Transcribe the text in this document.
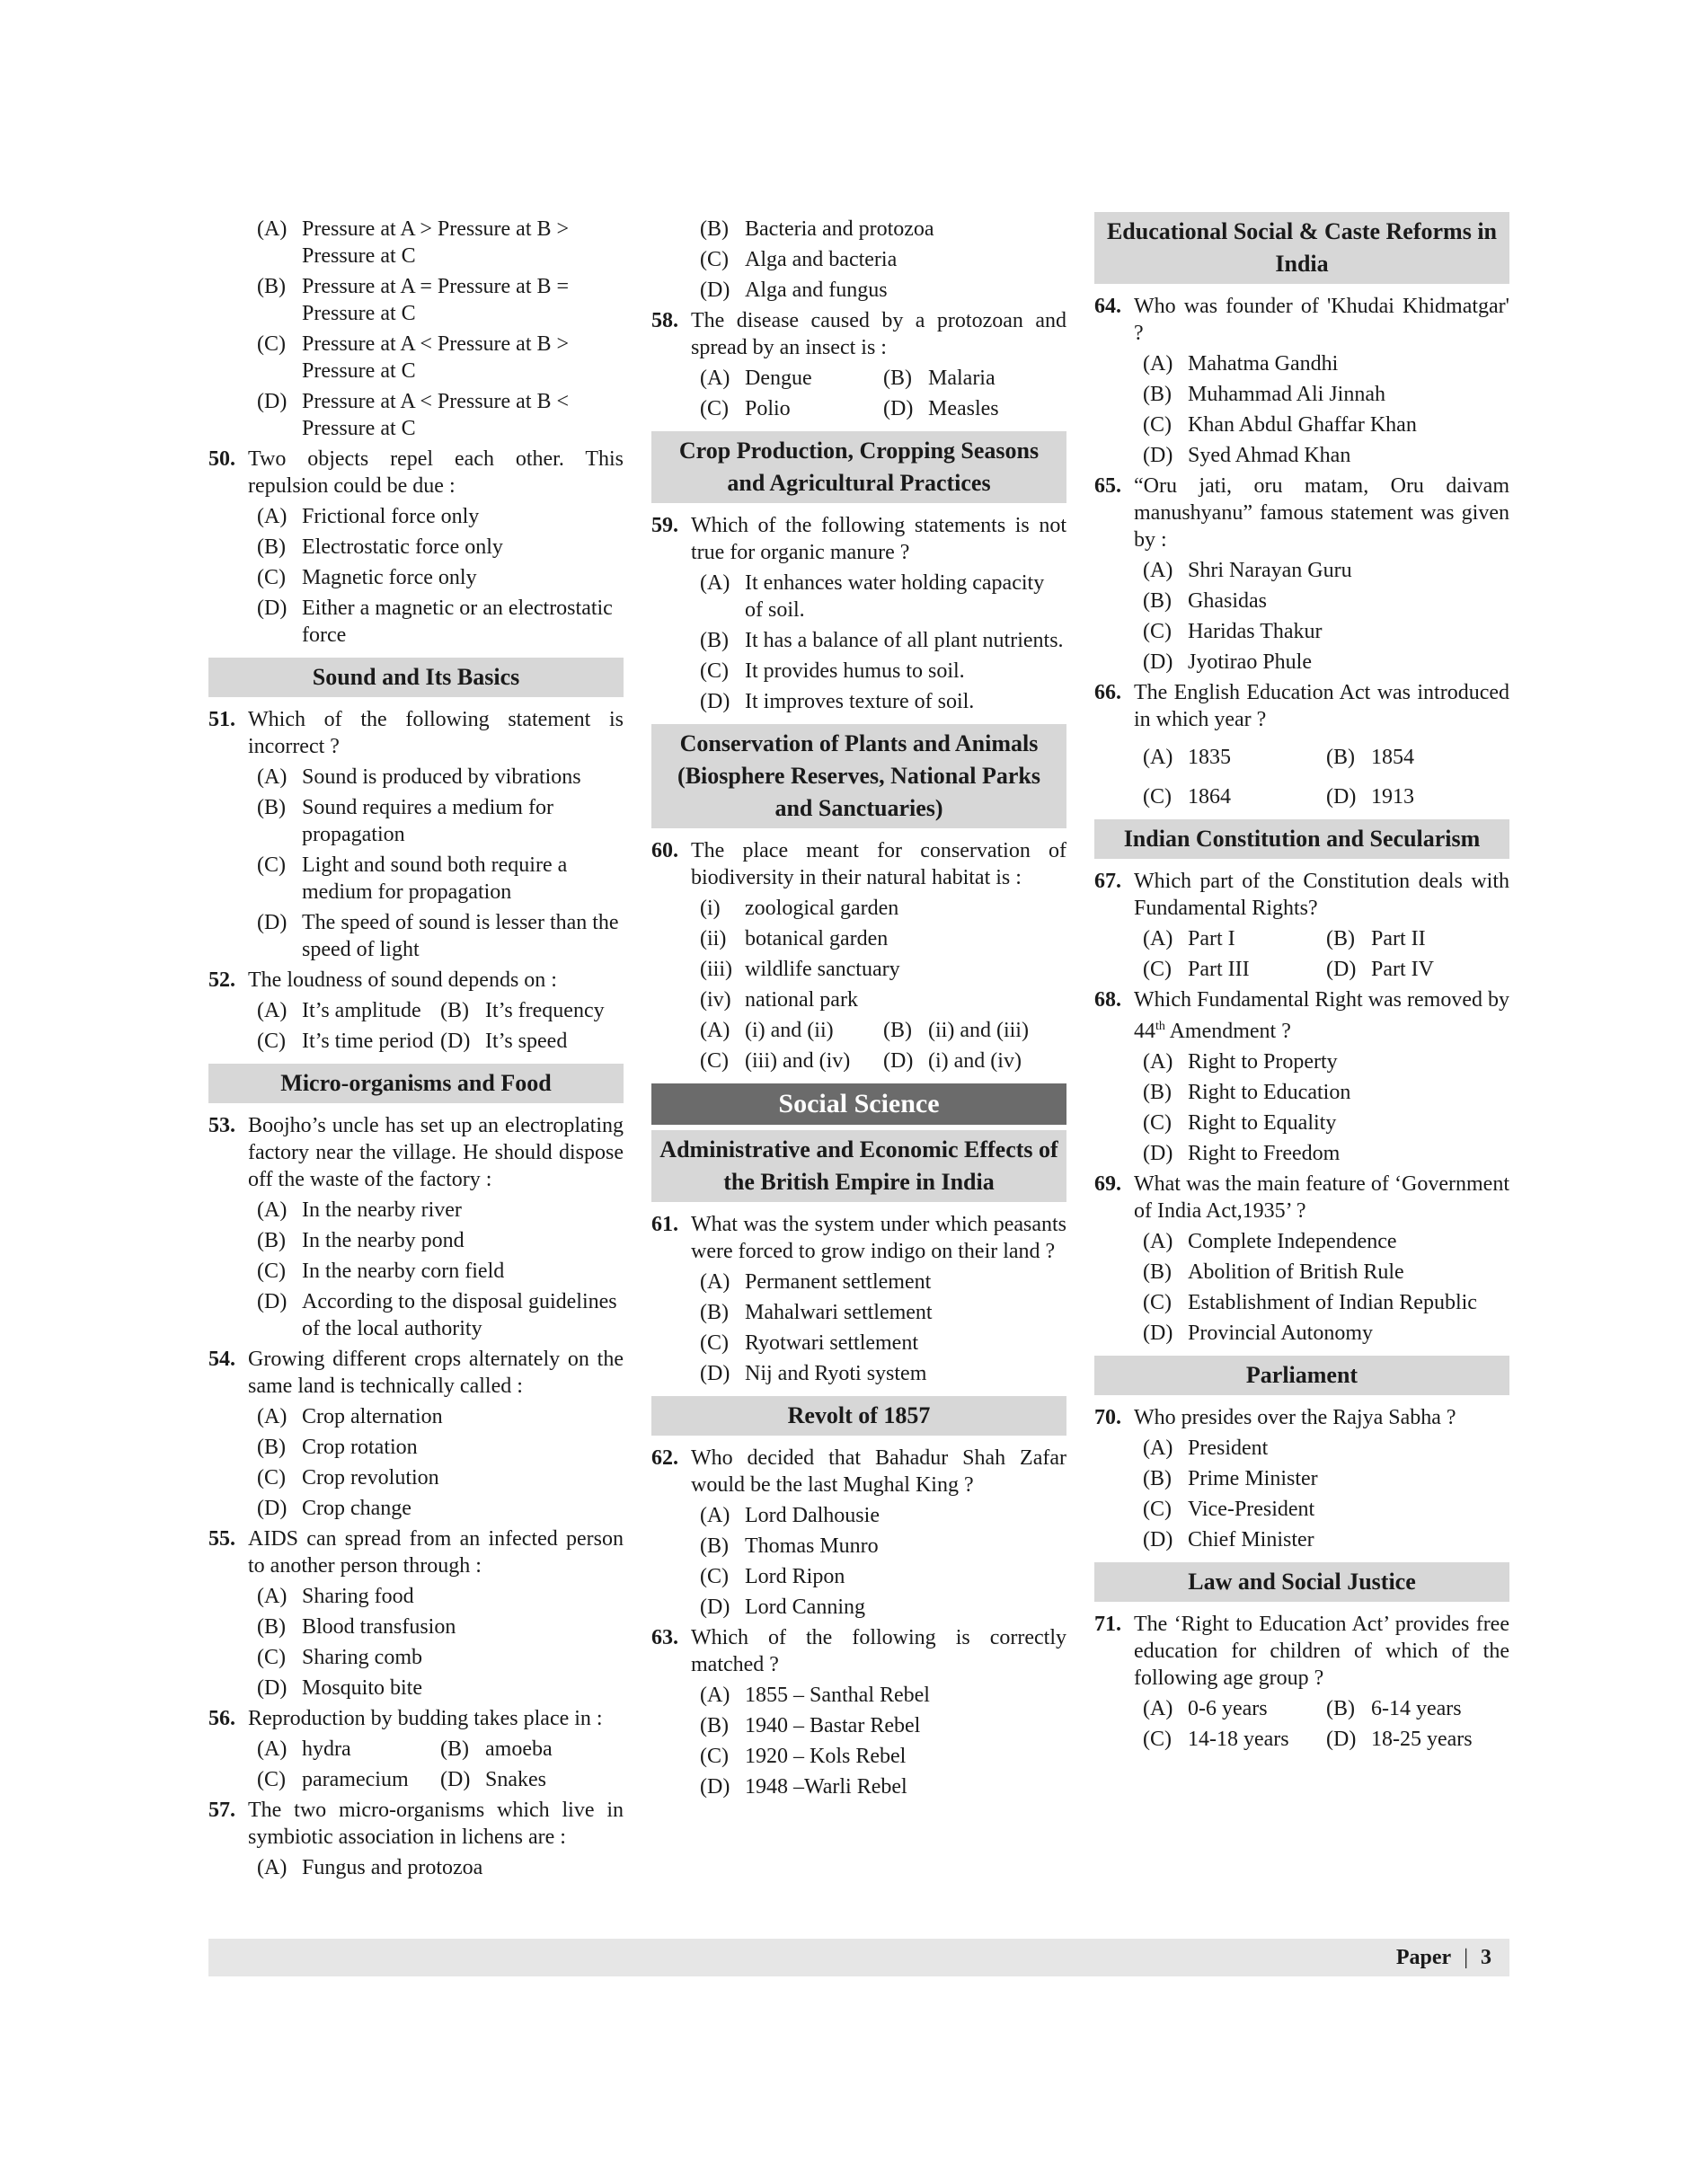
(A) Pressure at A > Pressure at B > Pressure at C
(B) Pressure at A = Pressure at B = Pressure at C
(C) Pressure at A < Pressure at B > Pressure at C
(D) Pressure at A < Pressure at B < Pressure at C
50. Two objects repel each other. This repulsion could be due :
(A) Frictional force only
(B) Electrostatic force only
(C) Magnetic force only
(D) Either a magnetic or an electrostatic force
Sound and Its Basics
51. Which of the following statement is incorrect ?
(A) Sound is produced by vibrations
(B) Sound requires a medium for propagation
(C) Light and sound both require a medium for propagation
(D) The speed of sound is lesser than the speed of light
52. The loudness of sound depends on :
(A) It’s amplitude (B) It’s frequency
(C) It’s time period (D) It’s speed
Micro-organisms and Food
53. Boojho’s uncle has set up an electroplating factory near the village. He should dispose off the waste of the factory :
(A) In the nearby river
(B) In the nearby pond
(C) In the nearby corn field
(D) According to the disposal guidelines of the local authority
54. Growing different crops alternately on the same land is technically called :
(A) Crop alternation
(B) Crop rotation
(C) Crop revolution
(D) Crop change
55. AIDS can spread from an infected person to another person through :
(A) Sharing food
(B) Blood transfusion
(C) Sharing comb
(D) Mosquito bite
56. Reproduction by budding takes place in :
(A) hydra	(B) amoeba
(C) paramecium (D) Snakes
57. The two micro-organisms which live in symbiotic association in lichens are :
(A) Fungus and protozoa
(B) Bacteria and protozoa
(C) Alga and bacteria
(D) Alga and fungus
58. The disease caused by a protozoan and spread by an insect is :
(A) Dengue	(B) Malaria
(C) Polio	(D) Measles
Crop Production, Cropping Seasons and Agricultural Practices
59. Which of the following statements is not true for organic manure ?
(A) It enhances water holding capacity of soil.
(B) It has a balance of all plant nutrients.
(C) It provides humus to soil.
(D) It improves texture of soil.
Conservation of Plants and Animals (Biosphere Reserves, National Parks and Sanctuaries)
60. The place meant for conservation of biodiversity in their natural habitat is :
(i)	zoological garden
(ii) botanical garden
(iii) wildlife sanctuary
(iv) national park
(A) (i) and (ii) (B) (ii) and (iii)
(C) (iii) and (iv) (D) (i) and (iv)
Social Science
Administrative and Economic Effects of the British Empire in India
61. What was the system under which peasants were forced to grow indigo on their land ?
(A) Permanent settlement
(B) Mahalwari settlement
(C) Ryotwari settlement
(D) Nij and Ryoti system
Revolt of 1857
62. Who decided that Bahadur Shah Zafar would be the last Mughal King ?
(A) Lord Dalhousie
(B) Thomas Munro
(C) Lord Ripon
(D) Lord Canning
63. Which of the following is correctly matched ?
(A) 1855 – Santhal Rebel
(B) 1940 – Bastar Rebel
(C) 1920 – Kols Rebel
(D) 1948 –Warli Rebel
Educational Social & Caste Reforms in India
64. Who was founder of 'Khudai Khidmatgar' ?
(A) Mahatma Gandhi
(B) Muhammad Ali Jinnah
(C) Khan Abdul Ghaffar Khan
(D) Syed Ahmad Khan
65. “Oru jati, oru matam, Oru daivam manushyanu” famous statement was given by :
(A) Shri Narayan Guru
(B) Ghasidas
(C) Haridas Thakur
(D) Jyotirao Phule
66. The English Education Act was introduced in which year ?
(A) 1835	(B) 1854
(C) 1864	(D) 1913
Indian Constitution and Secularism
67. Which part of the Constitution deals with Fundamental Rights?
(A) Part I	(B) Part II
(C) Part III	(D) Part IV
68. Which Fundamental Right was removed by 44th Amendment ?
(A) Right to Property
(B) Right to Education
(C) Right to Equality
(D) Right to Freedom
69. What was the main feature of ‘Government of India Act,1935’ ?
(A) Complete Independence
(B) Abolition of British Rule
(C) Establishment of Indian Republic
(D) Provincial Autonomy
Parliament
70. Who presides over the Rajya Sabha ?
(A) President
(B) Prime Minister
(C) Vice-President
(D) Chief Minister
Law and Social Justice
71. The ‘Right to Education Act’ provides free education for children of which of the following age group ?
(A) 0-6 years	(B) 6-14 years
(C) 14-18 years (D) 18-25 years
Paper | 3
